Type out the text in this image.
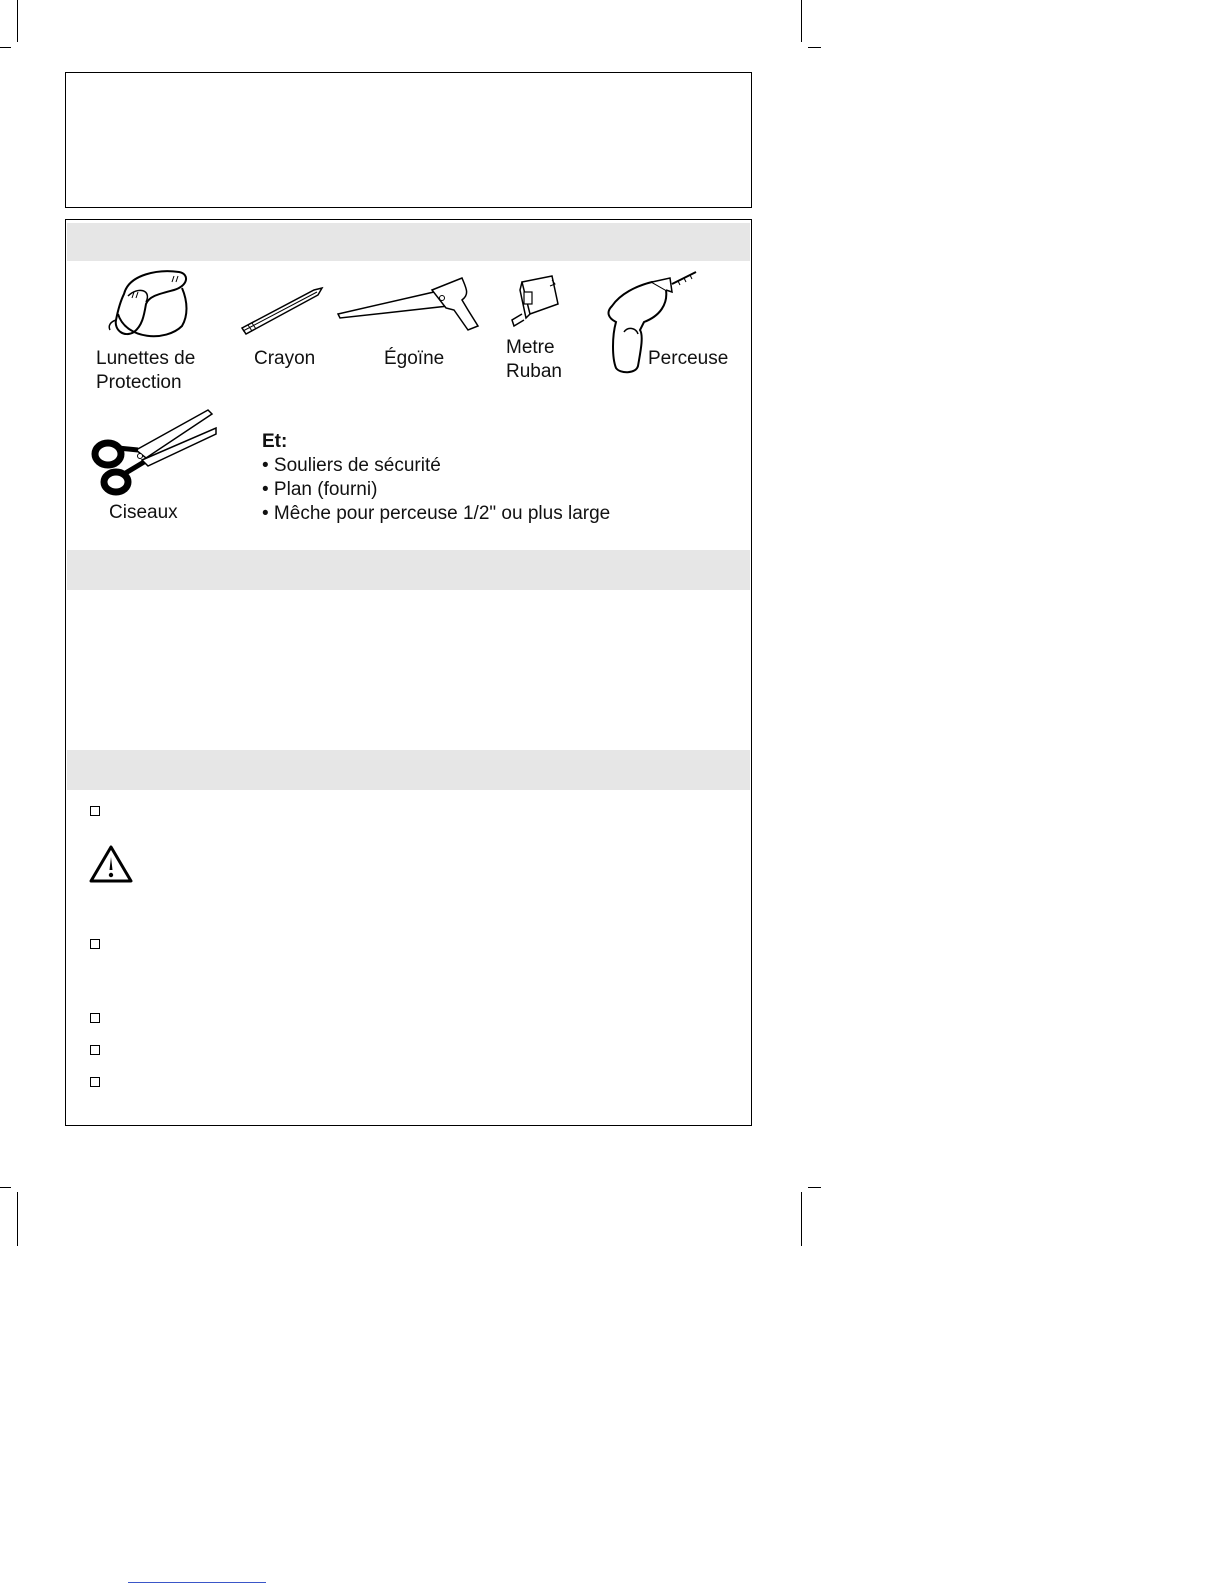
Lunettes de
Protection
Crayon	Égoïne
Metre
Ruban
Perceuse
Ciseaux
Et:
• Souliers de sécurité
• Plan (fourni)
• Mêche pour perceuse 1/2" ou plus large
